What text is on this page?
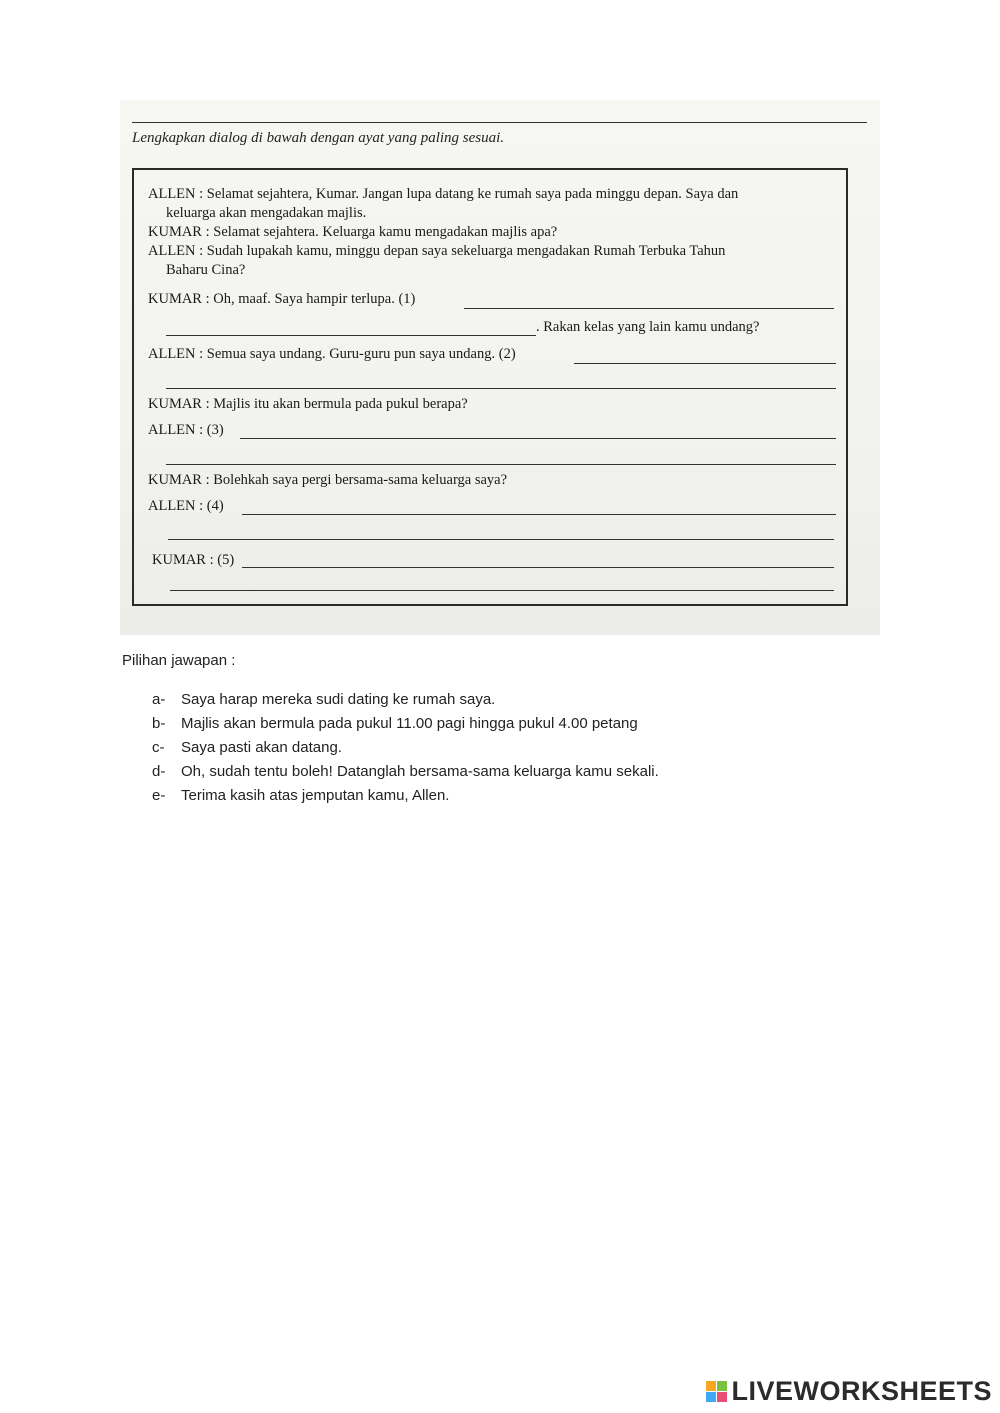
Lengkapkan dialog di bawah dengan ayat yang paling sesuai.

ALLEN : Selamat sejahtera, Kumar. Jangan lupa datang ke rumah saya pada minggu depan. Saya dan
keluarga akan mengadakan majlis.
KUMAR : Selamat sejahtera. Keluarga kamu mengadakan majlis apa?
ALLEN : Sudah lupakah kamu, minggu depan saya sekeluarga mengadakan Rumah Terbuka Tahun
Baharu Cina?
KUMAR : Oh, maaf. Saya hampir terlupa. (1)
. Rakan kelas yang lain kamu undang?
ALLEN : Semua saya undang. Guru-guru pun saya undang. (2)
KUMAR : Majlis itu akan bermula pada pukul berapa?
ALLEN : (3)
KUMAR : Bolehkah saya pergi bersama-sama keluarga saya?
ALLEN : (4)
KUMAR : (5)

Pilihan jawapan :

a-	Saya harap mereka sudi dating ke rumah saya.
b-	Majlis akan bermula pada pukul 11.00 pagi hingga pukul 4.00 petang
c-	Saya pasti akan datang.
d-	Oh, sudah tentu boleh! Datanglah bersama-sama keluarga kamu sekali.
e-	Terima kasih atas jemputan kamu, Allen.
LIVEWORKSHEETS
